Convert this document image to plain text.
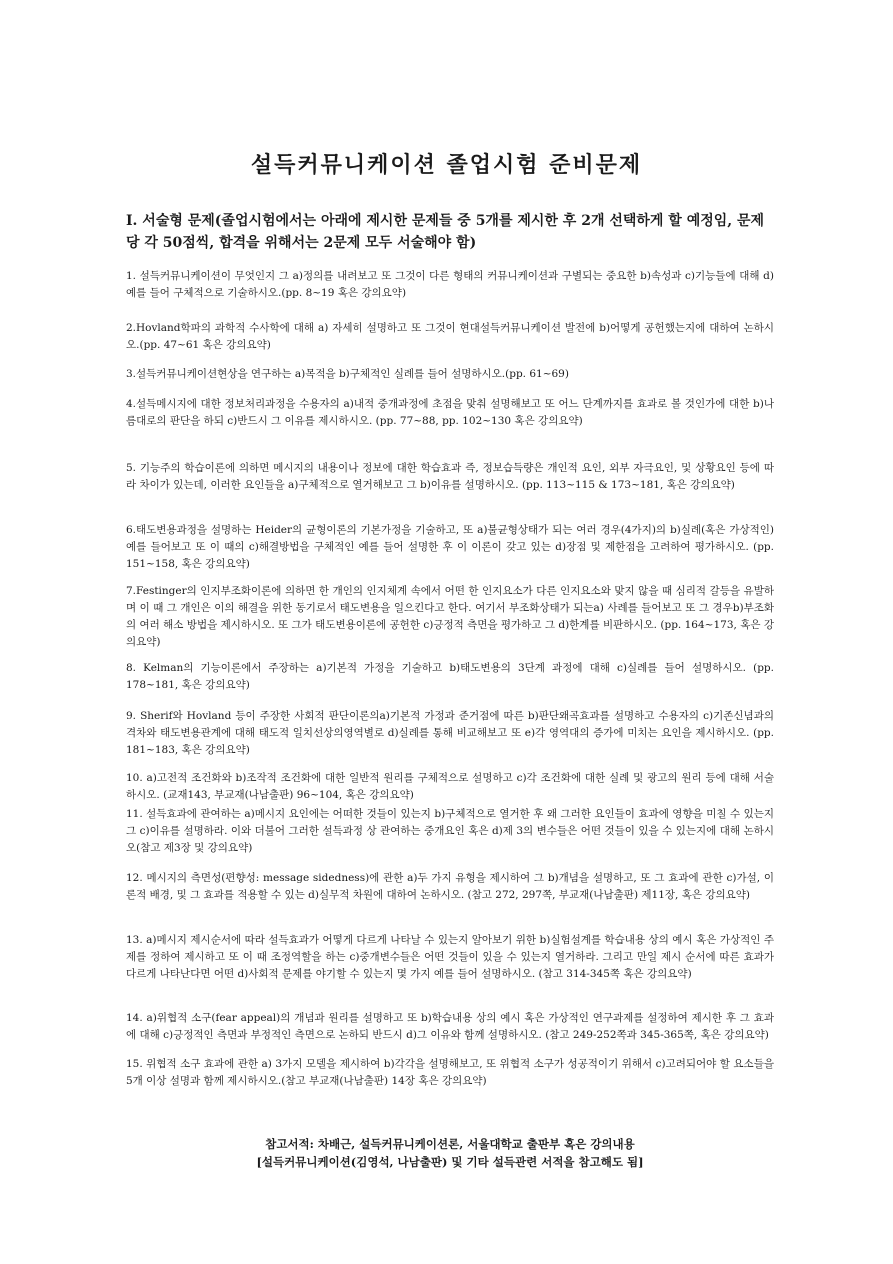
설득커뮤니케이션 졸업시험 준비문제
I. 서술형 문제(졸업시험에서는 아래에 제시한 문제들 중 5개를 제시한 후 2개 선택하게 할 예정임, 문제 당 각 50점씩, 합격을 위해서는 2문제 모두 서술해야 함)
1. 설득커뮤니케이션이 무엇인지 그 a)정의를 내려보고 또 그것이 다른 형태의 커뮤니케이션과 구별되는 중요한 b)속성과 c)기능들에 대해 d)예를 들어 구체적으로 기술하시오.(pp. 8~19 혹은 강의요약)
2.Hovland학파의 과학적 수사학에 대해 a) 자세히 설명하고 또 그것이 현대설득커뮤니케이션 발전에 b)어떻게 공헌했는지에 대하여 논하시오.(pp. 47~61 혹은 강의요약)
3.설득커뮤니케이션현상을 연구하는 a)목적을 b)구체적인 실례를 들어 설명하시오.(pp. 61~69)
4.설득메시지에 대한 정보처리과정을 수용자의 a)내적 중개과정에 초점을 맞춰 설명해보고 또 어느 단계까지를 효과로 볼 것인가에 대한 b)나름대로의 판단을 하되 c)반드시 그 이유를 제시하시오. (pp. 77~88, pp. 102~130 혹은 강의요약)
5. 기능주의 학습이론에 의하면 메시지의 내용이나 정보에 대한 학습효과 즉, 정보습득량은 개인적 요인, 외부 자극요인, 및 상황요인 등에 따라 차이가 있는데, 이러한 요인들을 a)구체적으로 열거해보고 그 b)이유를 설명하시오. (pp. 113~115 & 173~181, 혹은 강의요약)
6.태도변용과정을 설명하는 Heider의 균형이론의 기본가정을 기술하고, 또 a)불균형상태가 되는 여러 경우(4가지)의 b)실례(혹은 가상적인) 예를 들어보고 또 이 때의 c)해결방법을 구체적인 예를 들어 설명한 후 이 이론이 갖고 있는 d)장점 및 제한점을 고려하여 평가하시오. (pp. 151~158, 혹은 강의요약)
7.Festinger의 인지부조화이론에 의하면 한 개인의 인지체계 속에서 어떤 한 인지요소가 다른 인지요소와 맞지 않을 때 심리적 갈등을 유발하며 이 때 그 개인은 이의 해결을 위한 동기로서 태도변용을 일으킨다고 한다. 여기서 부조화상태가 되는a) 사례를 들어보고 또 그 경우b)부조화의 여러 해소 방법을 제시하시오. 또 그가 태도변용이론에 공헌한 c)긍정적 측면을 평가하고 그 d)한계를 비판하시오. (pp. 164~173, 혹은 강의요약)
8. Kelman의 기능이론에서 주장하는 a)기본적 가정을 기술하고 b)태도변용의 3단계 과정에 대해 c)실례를 들어 설명하시오. (pp. 178~181, 혹은 강의요약)
9. Sherif와 Hovland 등이 주장한 사회적 판단이론의a)기본적 가정과 준거점에 따른 b)판단왜곡효과를 설명하고 수용자의 c)기존신념과의 격차와 태도변용관계에 대해 태도적 일치선상의영역별로 d)실례를 통해 비교해보고 또 e)각 영역대의 증가에 미치는 요인을 제시하시오. (pp. 181~183, 혹은 강의요약)
10. a)고전적 조건화와 b)조작적 조건화에 대한 일반적 원리를 구체적으로 설명하고 c)각 조건화에 대한 실례 및 광고의 원리 등에 대해 서술하시오. (교재143, 부교재(나남출판) 96~104, 혹은 강의요약)
11. 설득효과에 관여하는 a)메시지 요인에는 어떠한 것들이 있는지 b)구체적으로 열거한 후 왜 그러한 요인들이 효과에 영향을 미칠 수 있는지 그 c)이유를 설명하라. 이와 더불어 그러한 설득과정 상 관여하는 중개요인 혹은 d)제 3의 변수들은 어떤 것들이 있을 수 있는지에 대해 논하시오(참고 제3장 및 강의요약)
12. 메시지의 측면성(편향성: message sidedness)에 관한 a)두 가지 유형을 제시하여 그 b)개념을 설명하고, 또 그 효과에 관한 c)가설, 이론적 배경, 및 그 효과를 적용할 수 있는 d)실무적 차원에 대하여 논하시오. (참고 272, 297쪽, 부교재(나남출판) 제11장, 혹은 강의요약)
13. a)메시지 제시순서에 따라 설득효과가 어떻게 다르게 나타날 수 있는지 알아보기 위한 b)실험설계를 학습내용 상의 예시 혹은 가상적인 주제를 정하여 제시하고 또 이 때 조정역할을 하는 c)중개변수들은 어떤 것들이 있을 수 있는지 열거하라. 그리고 만일 제시 순서에 따른 효과가 다르게 나타난다면 어떤 d)사회적 문제를 야기할 수 있는지 몇 가지 예를 들어 설명하시오. (참고 314-345쪽 혹은 강의요약)
14. a)위협적 소구(fear appeal)의 개념과 원리를 설명하고 또 b)학습내용 상의 예시 혹은 가상적인 연구과제를 설정하여 제시한 후 그 효과에 대해 c)긍정적인 측면과 부정적인 측면으로 논하되 반드시 d)그 이유와 함께 설명하시오. (참고 249-252쪽과 345-365쪽, 혹은 강의요약)
15. 위협적 소구 효과에 관한 a) 3가지 모델을 제시하여 b)각각을 설명해보고, 또 위협적 소구가 성공적이기 위해서 c)고려되어야 할 요소들을 5개 이상 설명과 함께 제시하시오.(참고 부교재(나남출판) 14장 혹은 강의요약)
참고서적: 차배근, 설득커뮤니케이션론, 서울대학교 출판부 혹은 강의내용
[설득커뮤니케이션(김영석, 나남출판) 및 기타 설득관련 서적을 참고해도 됨]
